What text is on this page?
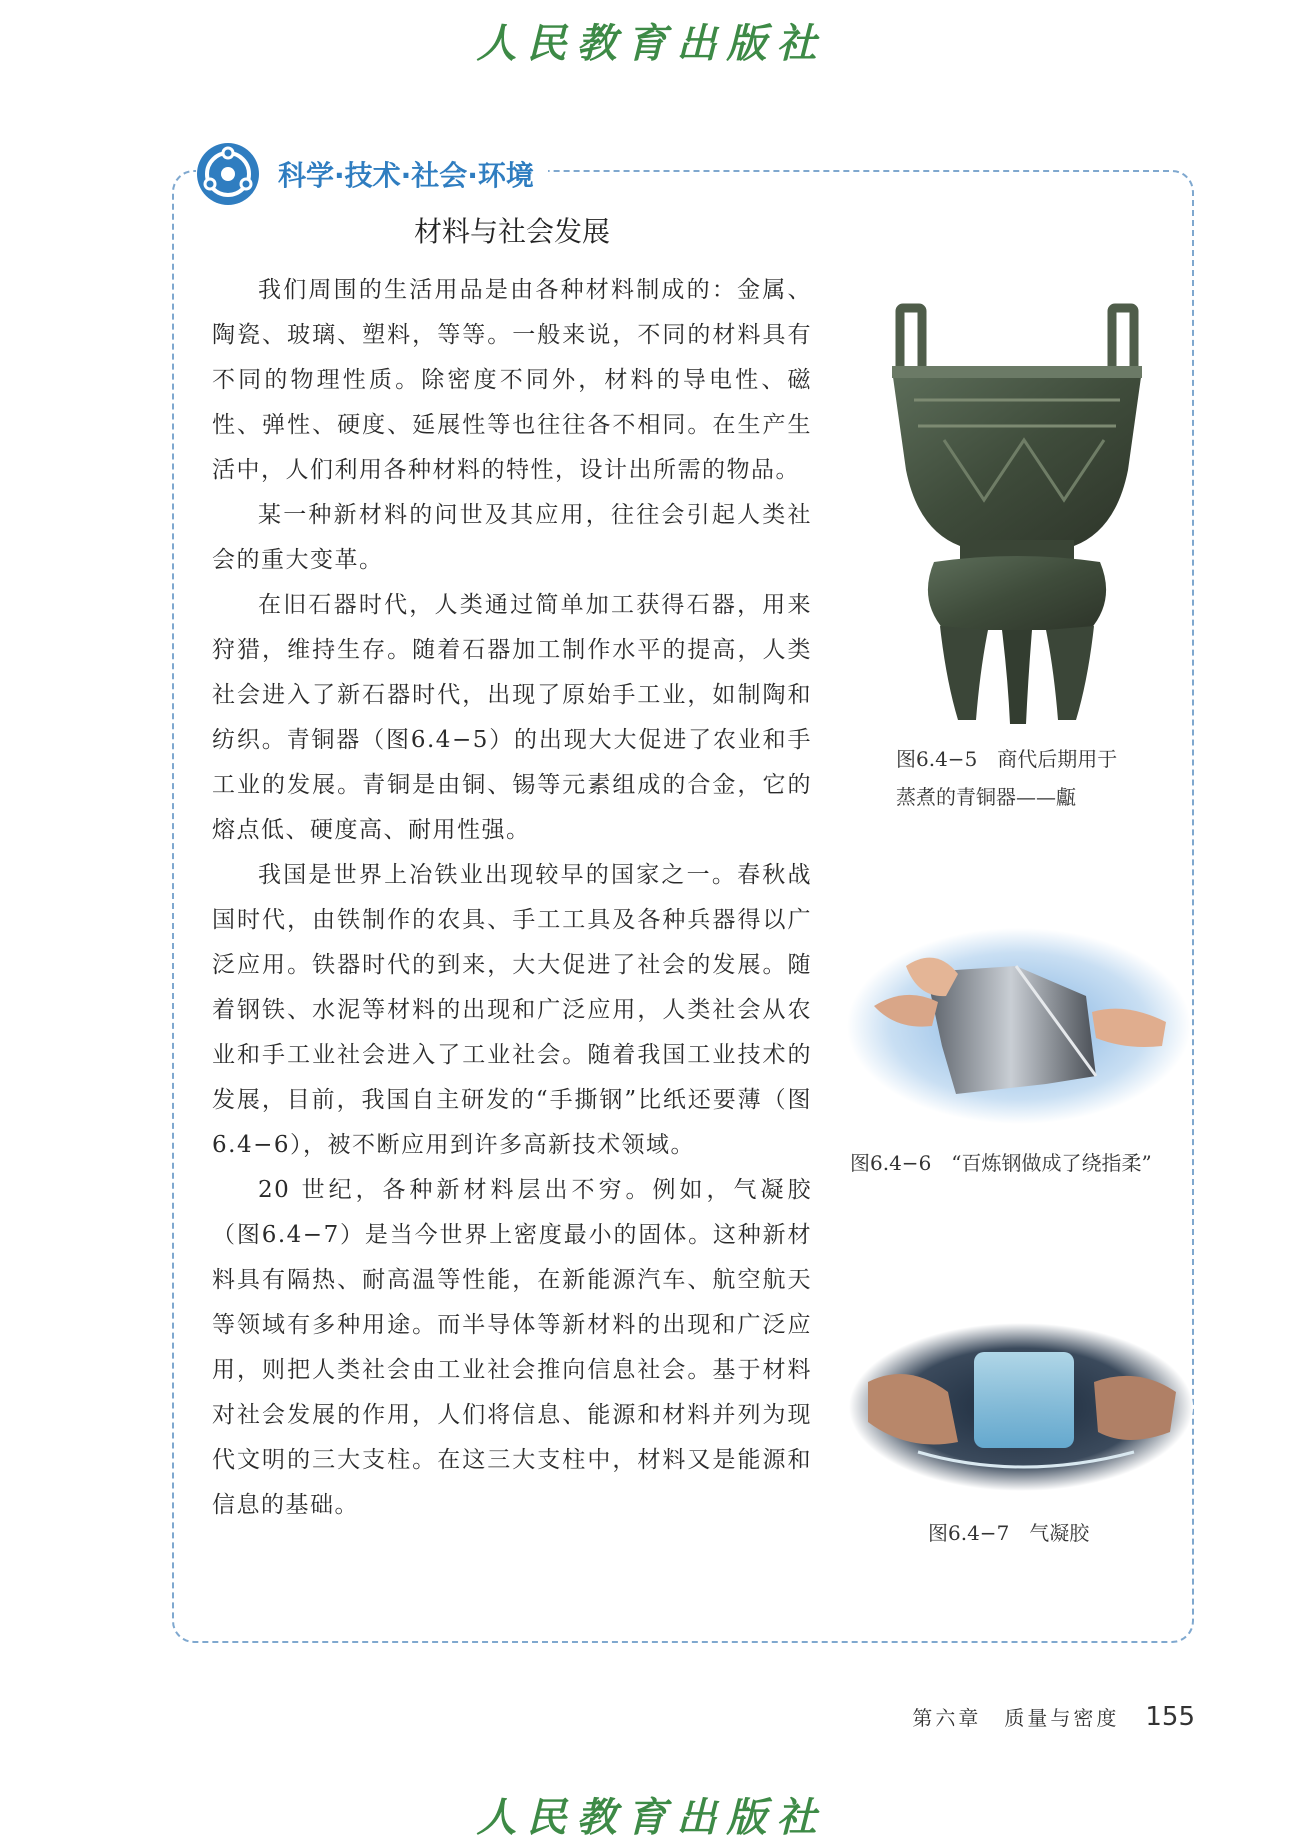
人民教育出版社
科学·技术·社会·环境
材料与社会发展

我们周围的生活用品是由各种材料制成的：金属、陶瓷、玻璃、塑料，等等。一般来说，不同的材料具有不同的物理性质。除密度不同外，材料的导电性、磁性、弹性、硬度、延展性等也往往各不相同。在生产生活中，人们利用各种材料的特性，设计出所需的物品。

某一种新材料的问世及其应用，往往会引起人类社会的重大变革。

在旧石器时代，人类通过简单加工获得石器，用来狩猎，维持生存。随着石器加工制作水平的提高，人类社会进入了新石器时代，出现了原始手工业，如制陶和纺织。青铜器（图6.4−5）的出现大大促进了农业和手工业的发展。青铜是由铜、锡等元素组成的合金，它的熔点低、硬度高、耐用性强。

我国是世界上冶铁业出现较早的国家之一。春秋战国时代，由铁制作的农具、手工工具及各种兵器得以广泛应用。铁器时代的到来，大大促进了社会的发展。随着钢铁、水泥等材料的出现和广泛应用，人类社会从农业和手工业社会进入了工业社会。随着我国工业技术的发展，目前，我国自主研发的“手撕钢”比纸还要薄（图6.4−6），被不断应用到许多高新技术领域。

20 世纪，各种新材料层出不穷。例如，气凝胶（图6.4−7）是当今世界上密度最小的固体。这种新材料具有隔热、耐高温等性能，在新能源汽车、航空航天等领域有多种用途。而半导体等新材料的出现和广泛应用，则把人类社会由工业社会推向信息社会。基于材料对社会发展的作用，人们将信息、能源和材料并列为现代文明的三大支柱。在这三大支柱中，材料又是能源和信息的基础。

图6.4−5　商代后期用于
蒸煮的青铜器——甗
图6.4−6　“百炼钢做成了绕指柔”
图6.4−7　气凝胶
第六章　质量与密度 155
人民教育出版社
